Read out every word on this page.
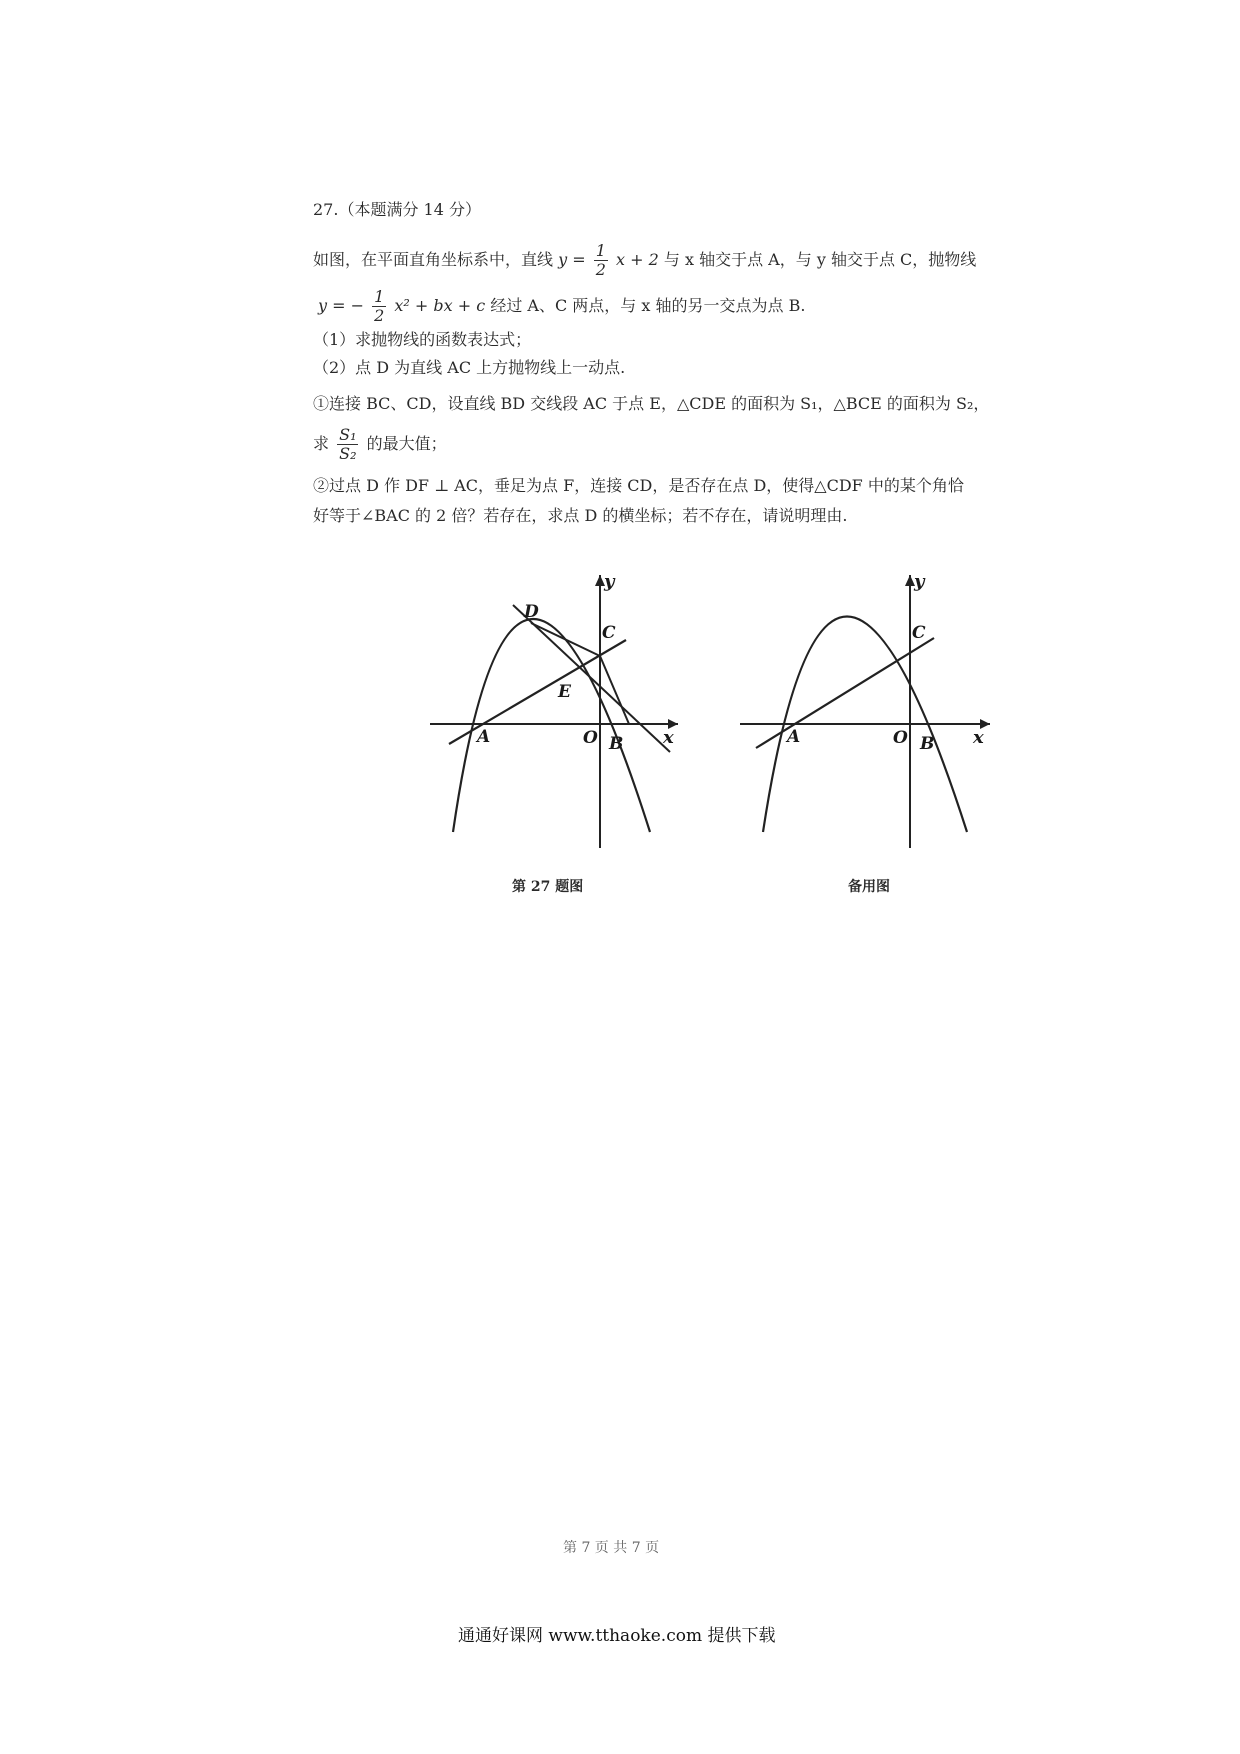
27.（本题满分 14 分）
如图，在平面直角坐标系中，直线 $y = \frac{1}{2}$ x + 2 与 x 轴交于点 A，与 y 轴交于点 C，抛物线
y = − $\frac{1}{2} x^2$ + bx + c 经过 A、C 两点，与 x 轴的另一交点为点 B.
（1）求抛物线的函数表达式；
（2）点 D 为直线 AC 上方抛物线上一动点.
①连接 BC、CD，设直线 BD 交线段 AC 于点 E，△CDE 的面积为 S₁，△BCE 的面积为 S₂，
求 $\frac{\text{S₁}}{\text{S₂}}$ 的最大值；
②过点 D 作 DF ⊥ AC，垂足为点 F，连接 CD，是否存在点 D，使得△CDF 中的某个角恰
好等于∠BAC 的 2 倍？若存在，求点 D 的横坐标；若不存在，请说明理由.
y
x
O
A	B
C
D
E
y
x
O
A	B
C
第 27 题图	备用图
第 7 页 共 7 页
通通好课网 www.tthaoke.com 提供下载
